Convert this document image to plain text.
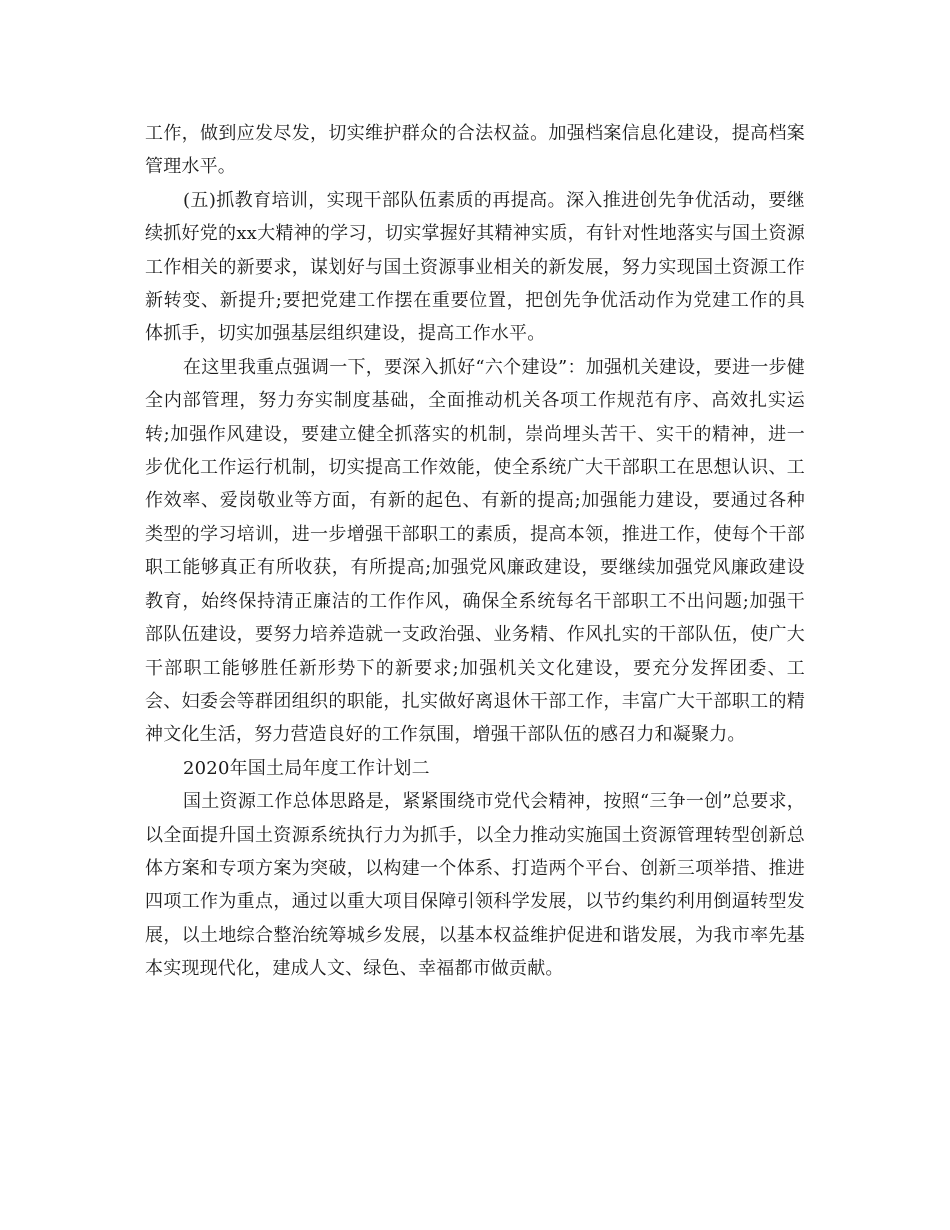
工作，做到应发尽发，切实维护群众的合法权益。加强档案信息化建设，提高档案管理水平。

(五)抓教育培训，实现干部队伍素质的再提高。深入推进创先争优活动，要继续抓好党的xx大精神的学习，切实掌握好其精神实质，有针对性地落实与国土资源工作相关的新要求，谋划好与国土资源事业相关的新发展，努力实现国土资源工作新转变、新提升;要把党建工作摆在重要位置，把创先争优活动作为党建工作的具体抓手，切实加强基层组织建设，提高工作水平。

在这里我重点强调一下，要深入抓好“六个建设”：加强机关建设，要进一步健全内部管理，努力夯实制度基础，全面推动机关各项工作规范有序、高效扎实运转;加强作风建设，要建立健全抓落实的机制，崇尚埋头苦干、实干的精神，进一步优化工作运行机制，切实提高工作效能，使全系统广大干部职工在思想认识、工作效率、爱岗敬业等方面，有新的起色、有新的提高;加强能力建设，要通过各种类型的学习培训，进一步增强干部职工的素质，提高本领，推进工作，使每个干部职工能够真正有所收获，有所提高;加强党风廉政建设，要继续加强党风廉政建设教育，始终保持清正廉洁的工作作风，确保全系统每名干部职工不出问题;加强干部队伍建设，要努力培养造就一支政治强、业务精、作风扎实的干部队伍，使广大干部职工能够胜任新形势下的新要求;加强机关文化建设，要充分发挥团委、工会、妇委会等群团组织的职能，扎实做好离退休干部工作，丰富广大干部职工的精神文化生活，努力营造良好的工作氛围，增强干部队伍的感召力和凝聚力。

2020年国土局年度工作计划二

国土资源工作总体思路是，紧紧围绕市党代会精神，按照“三争一创”总要求，以全面提升国土资源系统执行力为抓手，以全力推动实施国土资源管理转型创新总体方案和专项方案为突破，以构建一个体系、打造两个平台、创新三项举措、推进四项工作为重点，通过以重大项目保障引领科学发展，以节约集约利用倒逼转型发展，以土地综合整治统筹城乡发展，以基本权益维护促进和谐发展，为我市率先基本实现现代化，建成人文、绿色、幸福都市做贡献。
